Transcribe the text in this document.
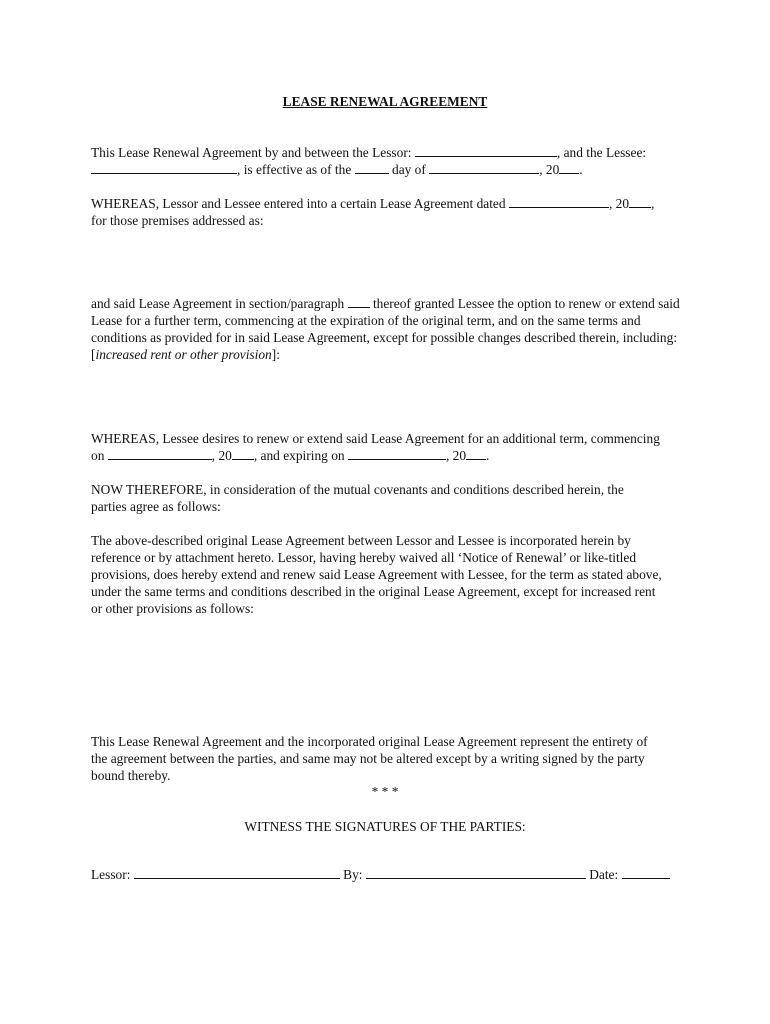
LEASE RENEWAL AGREEMENT
This Lease Renewal Agreement by and between the Lessor:	, and the Lessee:
, is effective as of the	day of	, 20 .
WHEREAS, Lessor and Lessee entered into a certain Lease Agreement dated	, 20 ,
for those premises addressed as:
and said Lease Agreement in section/paragraph thereof granted Lessee the option to renew or extend said
Lease for a further term, commencing at the expiration of the original term, and on the same terms and
conditions as provided for in said Lease Agreement, except for possible changes described therein, including:
[increased rent or other provision]:
WHEREAS, Lessee desires to renew or extend said Lease Agreement for an additional term, commencing
on	, 20 , and expiring on	, 20 .
NOW THEREFORE, in consideration of the mutual covenants and conditions described herein, the
parties agree as follows:
The above-described original Lease Agreement between Lessor and Lessee is incorporated herein by
reference or by attachment hereto. Lessor, having hereby waived all ‘Notice of Renewal’ or like-titled
provisions, does hereby extend and renew said Lease Agreement with Lessee, for the term as stated above,
under the same terms and conditions described in the original Lease Agreement, except for increased rent
or other provisions as follows:
This Lease Renewal Agreement and the incorporated original Lease Agreement represent the entirety of
the agreement between the parties, and same may not be altered except by a writing signed by the party
bound thereby.
* * *
WITNESS THE SIGNATURES OF THE PARTIES:
Lessor:	By:	Date:
